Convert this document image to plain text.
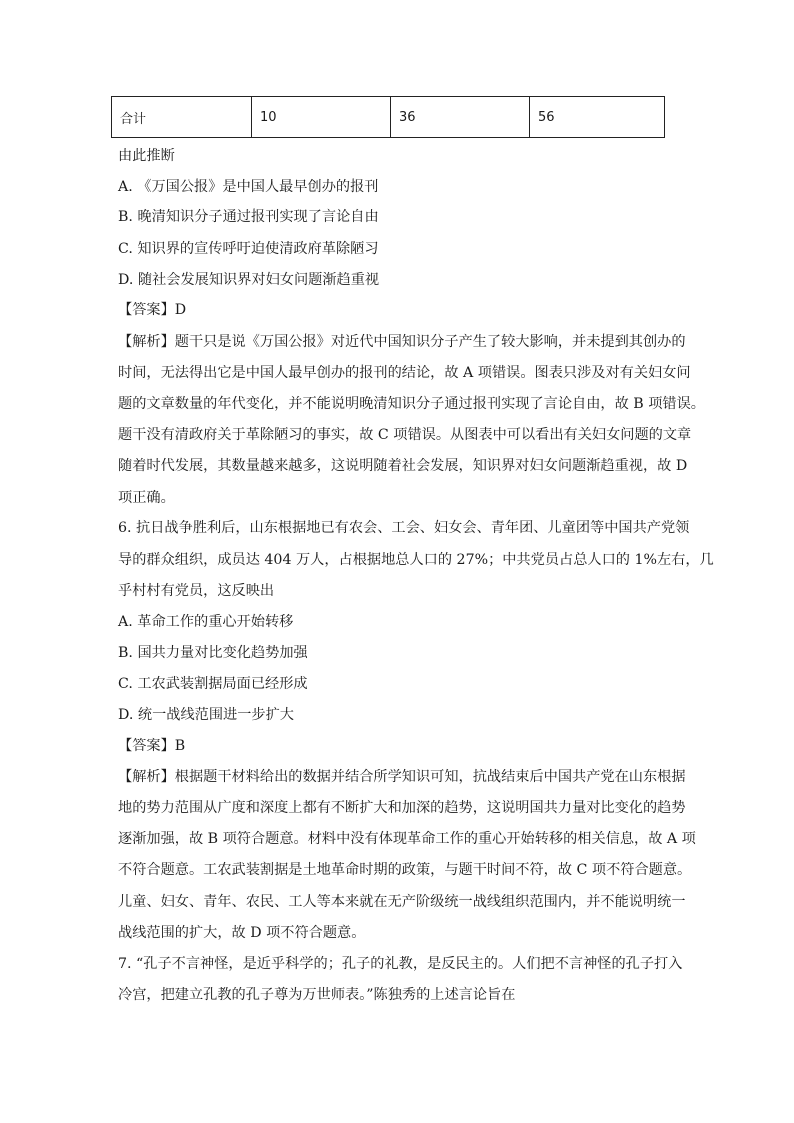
合计	10	36	56
由此推断
A. 《万国公报》是中国人最早创办的报刊
B. 晚清知识分子通过报刊实现了言论自由
C. 知识界的宣传呼吁迫使清政府革除陋习
D. 随社会发展知识界对妇女问题渐趋重视
【答案】D
【解析】题干只是说《万国公报》对近代中国知识分子产生了较大影响，并未提到其创办的
时间，无法得出它是中国人最早创办的报刊的结论，故 A 项错误。图表只涉及对有关妇女问
题的文章数量的年代变化，并不能说明晚清知识分子通过报刊实现了言论自由，故 B 项错误。
题干没有清政府关于革除陋习的事实，故 C 项错误。从图表中可以看出有关妇女问题的文章
随着时代发展，其数量越来越多，这说明随着社会发展，知识界对妇女问题渐趋重视，故 D
项正确。
6. 抗日战争胜利后，山东根据地已有农会、工会、妇女会、青年团、儿童团等中国共产党领
导的群众组织，成员达 404 万人，占根据地总人口的 27%；中共党员占总人口的 1%左右，几
乎村村有党员，这反映出
A. 革命工作的重心开始转移
B. 国共力量对比变化趋势加强
C. 工农武装割据局面已经形成
D. 统一战线范围进一步扩大
【答案】B
【解析】根据题干材料给出的数据并结合所学知识可知，抗战结束后中国共产党在山东根据
地的势力范围从广度和深度上都有不断扩大和加深的趋势，这说明国共力量对比变化的趋势
逐渐加强，故 B 项符合题意。材料中没有体现革命工作的重心开始转移的相关信息，故 A 项
不符合题意。工农武装割据是土地革命时期的政策，与题干时间不符，故 C 项不符合题意。
儿童、妇女、青年、农民、工人等本来就在无产阶级统一战线组织范围内，并不能说明统一
战线范围的扩大，故 D 项不符合题意。
7. “孔子不言神怪，是近乎科学的；孔子的礼教，是反民主的。人们把不言神怪的孔子打入
冷宫，把建立孔教的孔子尊为万世师表。”陈独秀的上述言论旨在
